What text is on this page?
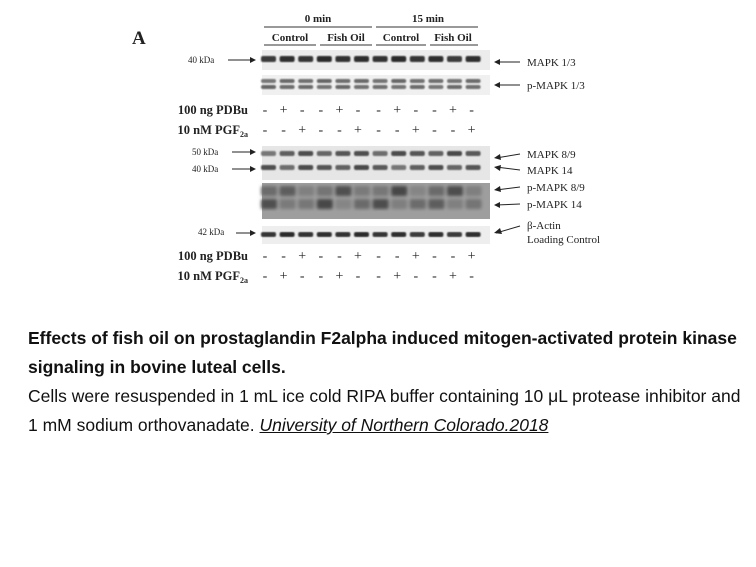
A
0 min	15 min
Control Fish Oil Control Fish Oil
40 kDa	MAPK 1/3
p-MAPK 1/3
100 ng PDBu
10 nM $PGF_{2a}$
- + - - + - - + - - + -
- - + - - + - - + - - +
50 kDa
40 kDa
42 kDa
MAPK 8/9
MAPK 14
p-MAPK 8/9
p-MAPK 14
β-Actin
Loading Control
100 ng PDBu
10 nM $PGF_{2a}$
- - + - - + - - + - - +
- + - - + - - + - - + -

Effects of fish oil on prostaglandin F2alpha induced mitogen-activated protein kinase signaling in bovine luteal cells.

Cells were resuspended in 1 mL ice cold RIPA buffer containing 10 μL protease inhibitor and 1 mM sodium orthovanadate. University of Northern Colorado.2018
